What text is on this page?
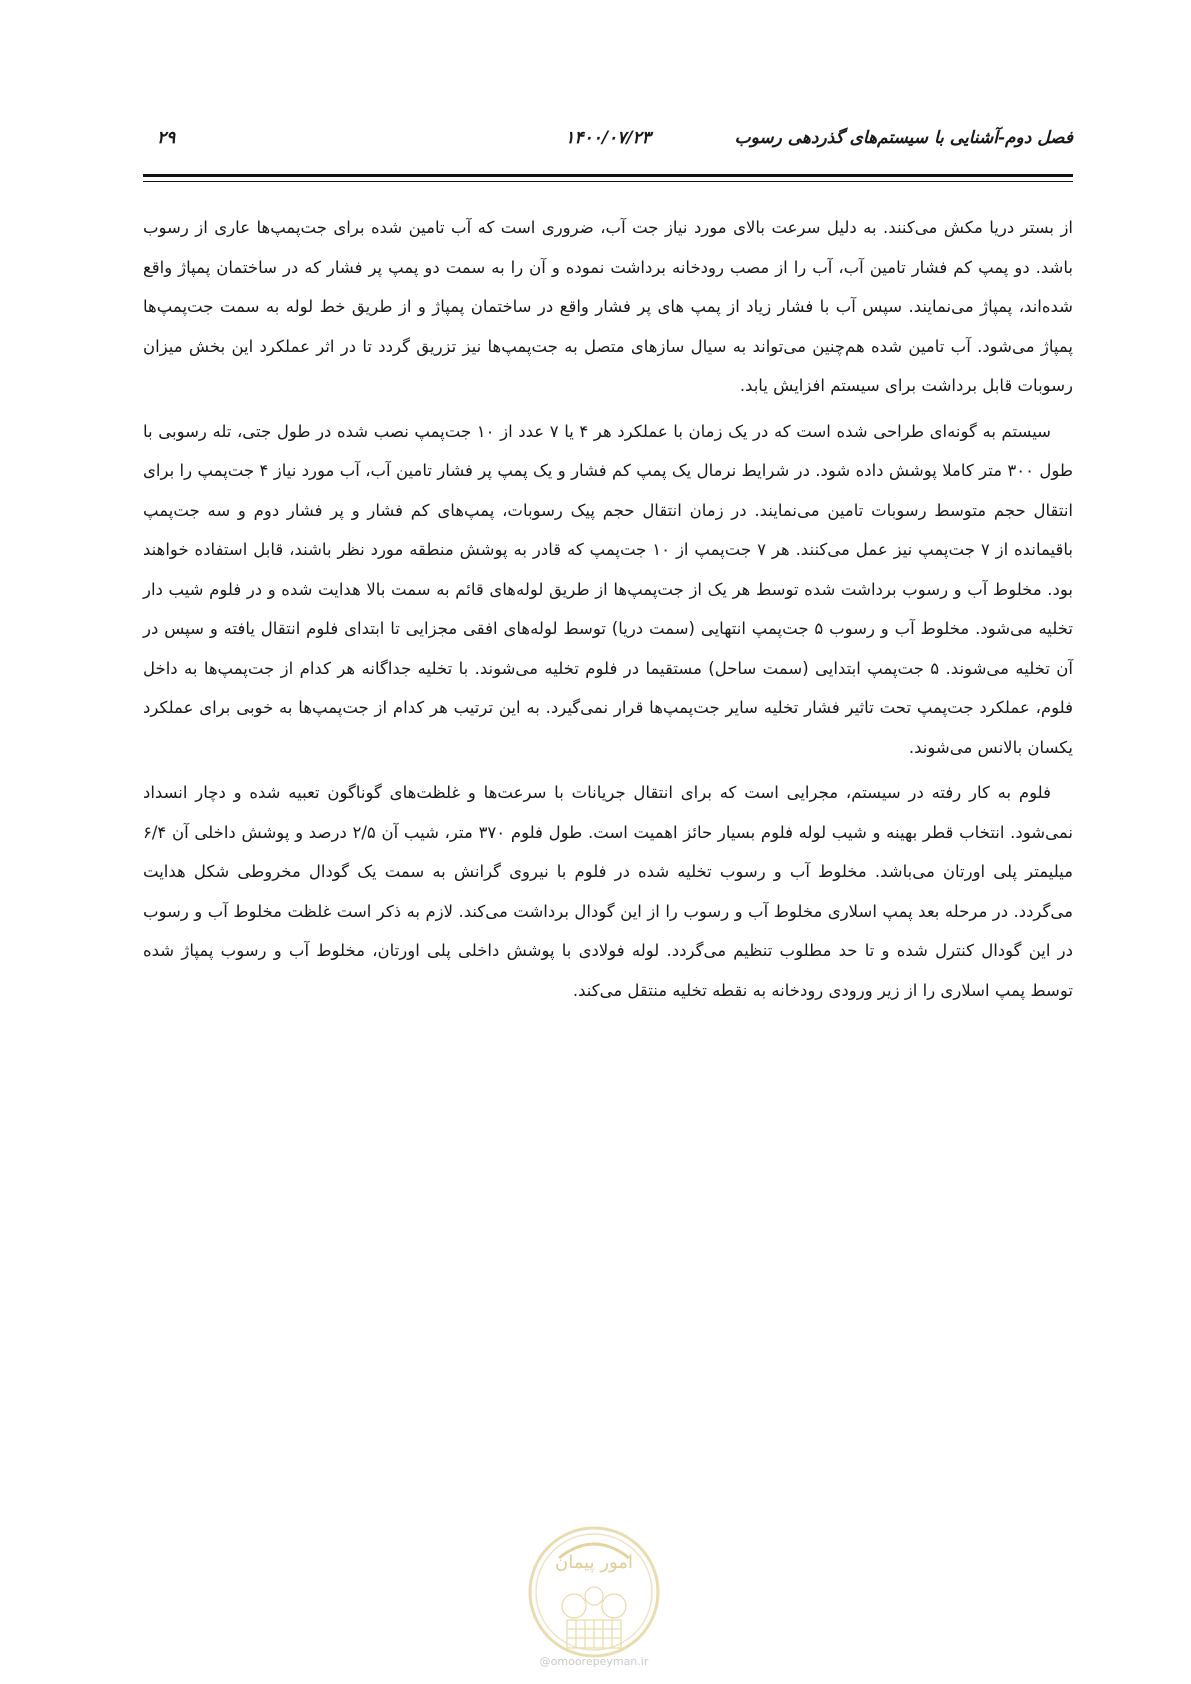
فصل دوم-آشنایی با سیستم‌های گذردهی رسوب
۱۴۰۰/۰۷/۲۳
۲۹

از بستر دریا مکش می‌کنند. به دلیل سرعت بالای مورد نیاز جت آب، ضروری است که آب تامین شده برای جت‌پمپ‌ها عاری از رسوب باشد. دو پمپ کم فشار تامین آب، آب را از مصب رودخانه برداشت نموده و آن را به سمت دو پمپ پر فشار که در ساختمان پمپاژ واقع شده‌اند، پمپاژ می‌نمایند. سپس آب با فشار زیاد از پمپ های پر فشار واقع در ساختمان پمپاژ و از طریق خط لوله به سمت جت‌پمپ‌ها پمپاژ می‌شود. آب تامین شده هم‌چنین می‌تواند به سیال سازهای متصل به جت‌پمپ‌ها نیز تزریق گردد تا در اثر عملکرد این بخش میزان رسوبات قابل برداشت برای سیستم افزایش یابد.

سیستم به گونه‌ای طراحی شده است که در یک زمان با عملکرد هر ۴ یا ۷ عدد از ۱۰ جت‌پمپ نصب شده در طول جتی، تله رسوبی با طول ۳۰۰ متر کاملا پوشش داده شود. در شرایط نرمال یک پمپ کم فشار و یک پمپ پر فشار تامین آب، آب مورد نیاز ۴ جت‌پمپ را برای انتقال حجم متوسط رسوبات تامین می‌نمایند. در زمان انتقال حجم پیک رسوبات، پمپ‌های کم فشار و پر فشار دوم و سه جت‌پمپ باقیمانده از ۷ جت‌پمپ نیز عمل می‌کنند. هر ۷ جت‌پمپ از ۱۰ جت‌پمپ که قادر به پوشش منطقه مورد نظر باشند، قابل استفاده خواهند بود. مخلوط آب و رسوب برداشت شده توسط هر یک از جت‌پمپ‌ها از طریق لوله‌های قائم به سمت بالا هدایت شده و در فلوم شیب دار تخلیه می‌شود. مخلوط آب و رسوب ۵ جت‌پمپ انتهایی (سمت دریا) توسط لوله‌های افقی مجزایی تا ابتدای فلوم انتقال یافته و سپس در آن تخلیه می‌شوند. ۵ جت‌پمپ ابتدایی (سمت ساحل) مستقیما در فلوم تخلیه می‌شوند. با تخلیه جداگانه هر کدام از جت‌پمپ‌ها به داخل فلوم، عملکرد جت‌پمپ تحت تاثیر فشار تخلیه سایر جت‌پمپ‌ها قرار نمی‌گیرد. به این ترتیب هر کدام از جت‌پمپ‌ها به خوبی برای عملکرد یکسان بالانس می‌شوند.

فلوم به کار رفته در سیستم، مجرایی است که برای انتقال جریانات با سرعت‌ها و غلظت‌های گوناگون تعبیه شده و دچار انسداد نمی‌شود. انتخاب قطر بهینه و شیب لوله فلوم بسیار حائز اهمیت است. طول فلوم ۳۷۰ متر، شیب آن ۲/۵ درصد و پوشش داخلی آن ۶/۴ میلیمتر پلی اورتان می‌باشد. مخلوط آب و رسوب تخلیه شده در فلوم با نیروی گرانش به سمت یک گودال مخروطی شکل هدایت می‌گردد. در مرحله بعد پمپ اسلاری مخلوط آب و رسوب را از این گودال برداشت می‌کند. لازم به ذکر است غلظت مخلوط آب و رسوب در این گودال کنترل شده و تا حد مطلوب تنظیم می‌گردد. لوله فولادی با پوشش داخلی پلی اورتان، مخلوط آب و رسوب پمپاژ شده توسط پمپ اسلاری را از زیر ورودی رودخانه به نقطه تخلیه منتقل می‌کند.

امور پیمان
@omoorepeyman.ir
